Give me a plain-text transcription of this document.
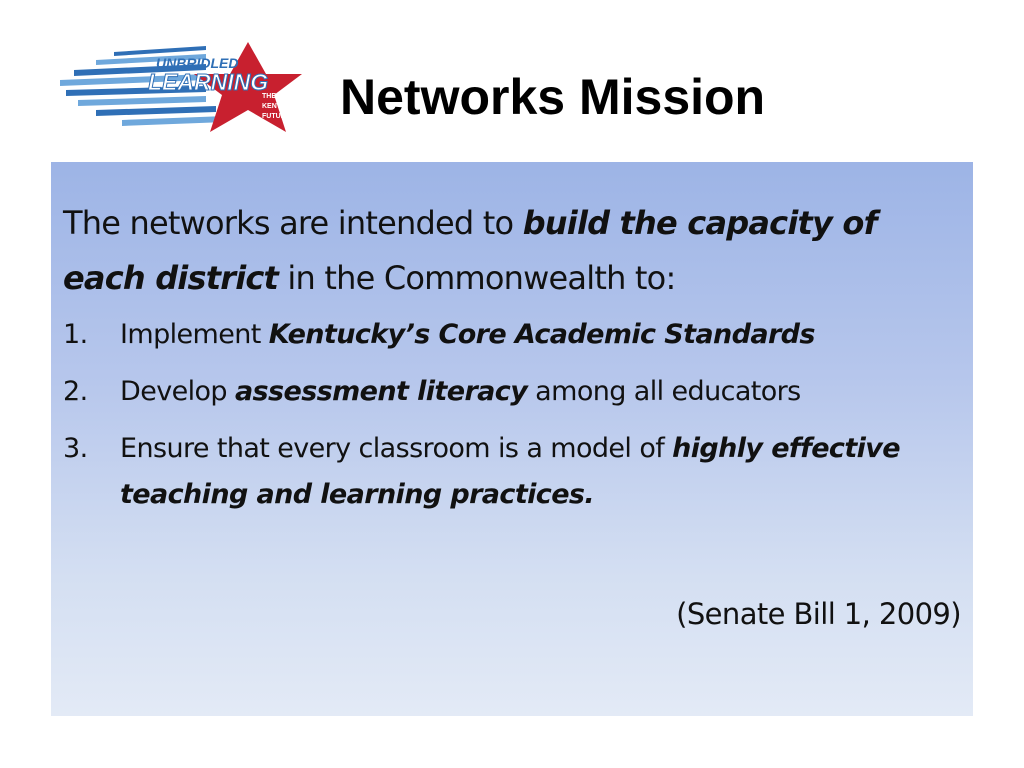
UNBRIDLED
LEARNING
THE VISION FOR
KENTUCKY'S
FUTURE Networks Mission

The networks are intended to build the capacity of each district in the Commonwealth to:

1. Implement Kentucky’s Core Academic Standards
2. Develop assessment literacy among all educators
3. Ensure that every classroom is a model of highly effective teaching and learning practices.

(Senate Bill 1, 2009)
